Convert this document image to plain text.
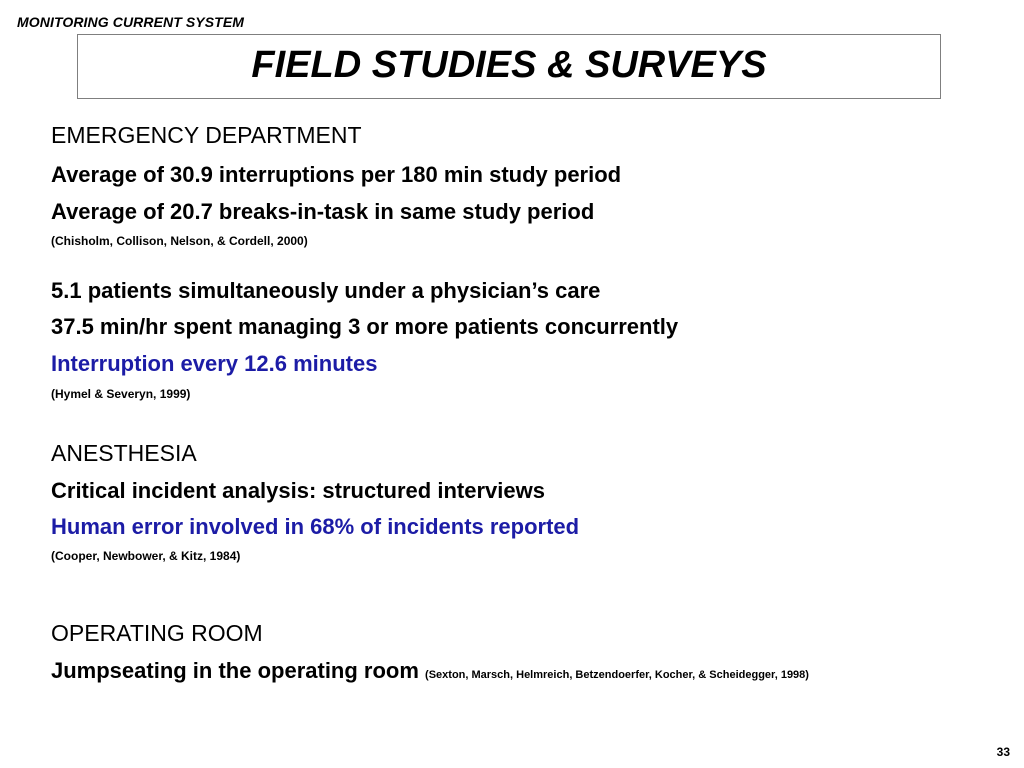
MONITORING CURRENT SYSTEM
FIELD STUDIES & SURVEYS
EMERGENCY DEPARTMENT
Average of 30.9 interruptions per 180 min study period
Average of 20.7 breaks-in-task in same study period
(Chisholm, Collison, Nelson, & Cordell, 2000)
5.1 patients simultaneously under a physician’s care
37.5 min/hr spent managing 3 or more patients concurrently
Interruption every 12.6 minutes
(Hymel & Severyn, 1999)
ANESTHESIA
Critical incident analysis: structured interviews
Human error involved in 68% of incidents reported
(Cooper, Newbower, & Kitz, 1984)
OPERATING ROOM
Jumpseating in the operating room (Sexton, Marsch, Helmreich, Betzendoerfer, Kocher, & Scheidegger, 1998)
33
